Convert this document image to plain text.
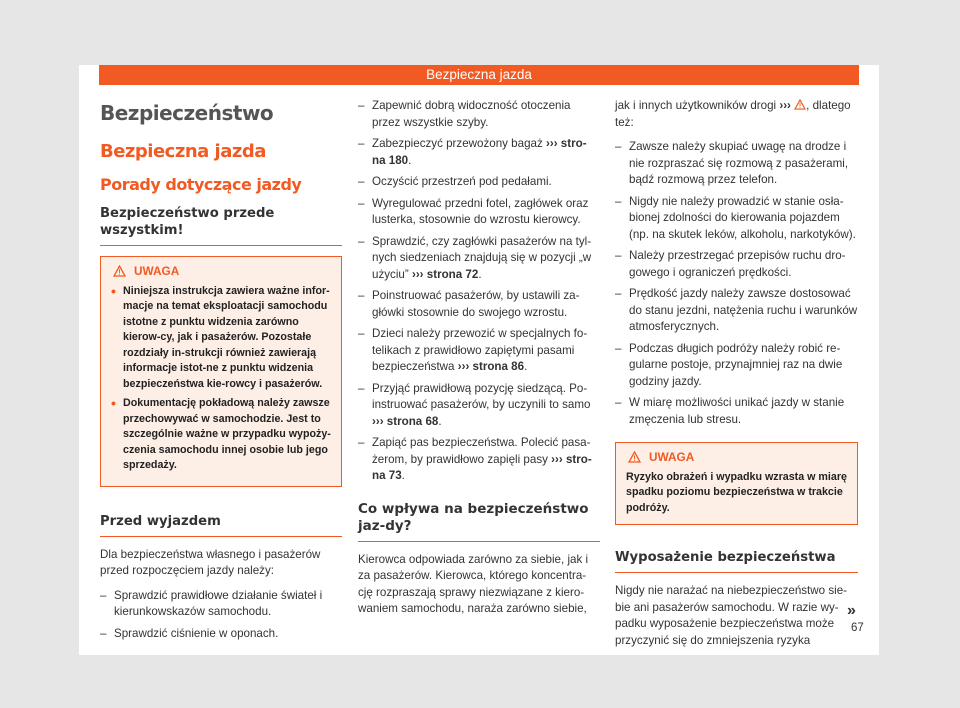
Bezpieczna jazda
Bezpieczeństwo
Bezpieczna jazda
Porady dotyczące jazdy
Bezpieczeństwo przede wszystkim!
UWAGA
• Niniejsza instrukcja zawiera ważne infor-macje na temat eksploatacji samochodu istotne z punktu widzenia zarówno kierow-cy, jak i pasażerów. Pozostałe rozdziały in-strukcji również zawierają informacje istot-ne z punktu widzenia bezpieczeństwa kie-rowcy i pasażerów.
• Dokumentację pokładową należy zawsze przechowywać w samochodzie. Jest to szczególnie ważne w przypadku wypoży-czenia samochodu innej osobie lub jego sprzedaży.
Przed wyjazdem

Dla bezpieczeństwa własnego i pasażerów przed rozpoczęciem jazdy należy:

– Sprawdzić prawidłowe działanie świateł i kierunkowskazów samochodu.
– Sprawdzić ciśnienie w oponach.
– Zapewnić dobrą widoczność otoczenia przez wszystkie szyby.
– Zabezpieczyć przewożony bagaż ››› stro-na 180.
– Oczyścić przestrzeń pod pedałami.
– Wyregulować przedni fotel, zagłówek oraz lusterka, stosownie do wzrostu kierowcy.
– Sprawdzić, czy zagłówki pasażerów na tyl-nych siedzeniach znajdują się w pozycji „w użyciu” ››› strona 72.
– Poinstruować pasażerów, by ustawili za-główki stosownie do swojego wzrostu.
– Dzieci należy przewozić w specjalnych fo-telikach z prawidłowo zapiętymi pasami bezpieczeństwa ››› strona 86.
– Przyjąć prawidłową pozycję siedzącą. Po-instruować pasażerów, by uczynili to samo ››› strona 68.
– Zapiąć pas bezpieczeństwa. Polecić pasa-żerom, by prawidłowo zapięli pasy ››› stro-na 73.
Co wpływa na bezpieczeństwo jaz-dy?

Kierowca odpowiada zarówno za siebie, jak i za pasażerów. Kierowca, którego koncentra-cję rozpraszają sprawy niezwiązane z kiero-waniem samochodu, naraża zarówno siebie,

jak i innych użytkowników drogi ››› , dlatego też:

– Zawsze należy skupiać uwagę na drodze i nie rozpraszać się rozmową z pasażerami, bądź rozmową przez telefon.
– Nigdy nie należy prowadzić w stanie osła-bionej zdolności do kierowania pojazdem (np. na skutek leków, alkoholu, narkotyków).
– Należy przestrzegać przepisów ruchu dro-gowego i ograniczeń prędkości.
– Prędkość jazdy należy zawsze dostosować do stanu jezdni, natężenia ruchu i warunków atmosferycznych.
– Podczas długich podróży należy robić re-gularne postoje, przynajmniej raz na dwie godziny jazdy.
– W miarę możliwości unikać jazdy w stanie zmęczenia lub stresu.
UWAGA
Ryzyko obrażeń i wypadku wzrasta w miarę spadku poziomu bezpieczeństwa w trakcie podróży.
Wyposażenie bezpieczeństwa

Nigdy nie narażać na niebezpieczeństwo sie-bie ani pasażerów samochodu. W razie wy-padku wyposażenie bezpieczeństwa może przyczynić się do zmniejszenia ryzyka

»
67
